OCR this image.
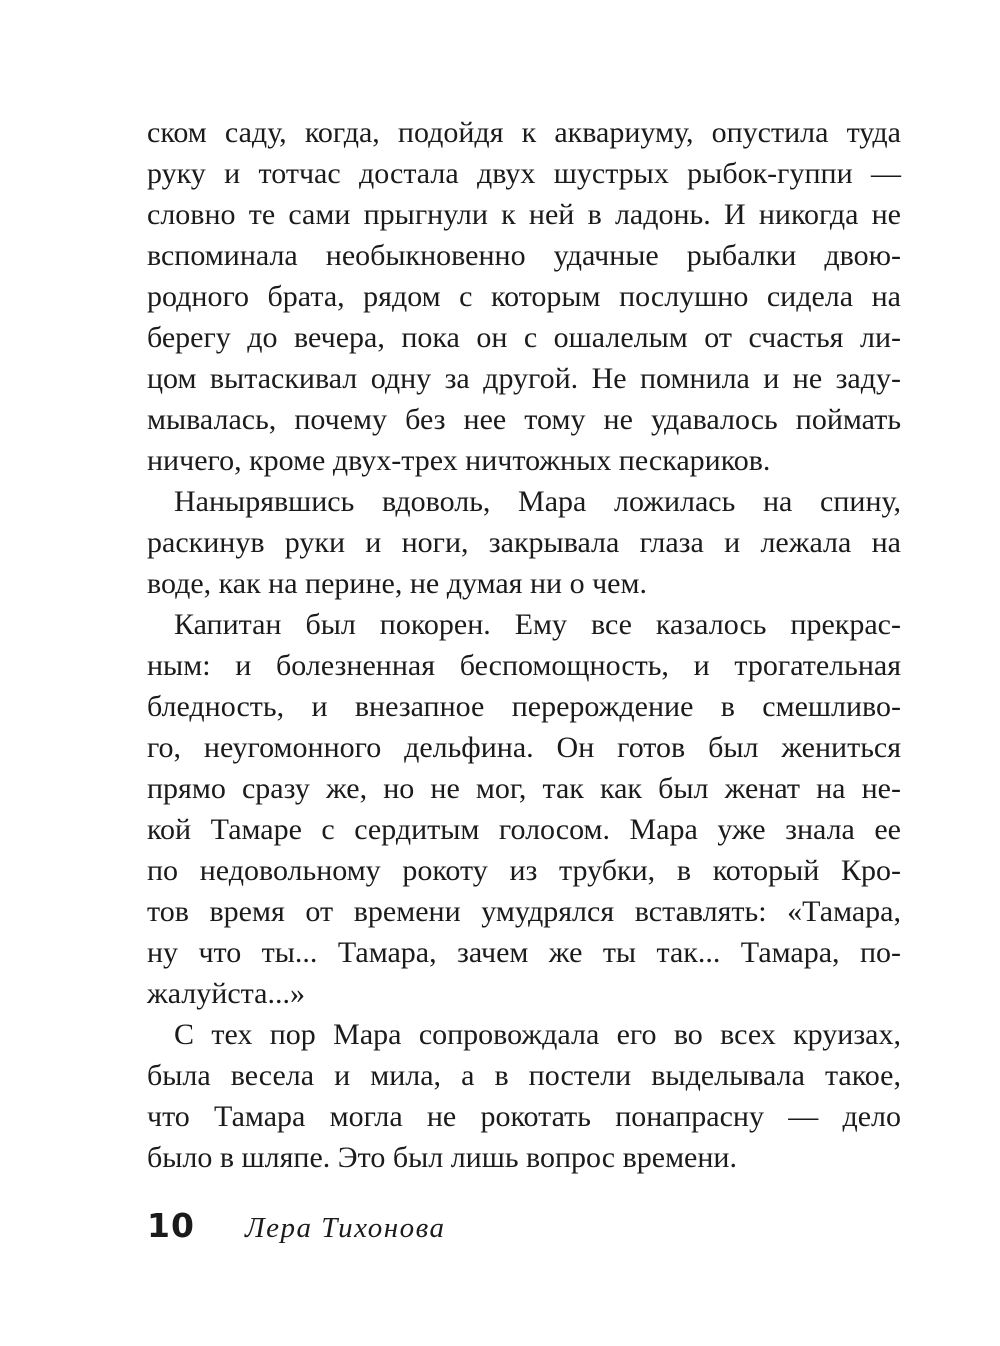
ском саду, когда, подойдя к аквариуму, опустила туда
руку и тотчас достала двух шустрых рыбок-гуппи —
словно те сами прыгнули к ней в ладонь. И никогда не
вспоминала необыкновенно удачные рыбалки двою-
родного брата, рядом с которым послушно сидела на
берегу до вечера, пока он с ошалелым от счастья ли-
цом вытаскивал одну за другой. Не помнила и не заду-
мывалась, почему без нее тому не удавалось поймать
ничего, кроме двух-трех ничтожных пескариков.
Нанырявшись вдоволь, Мара ложилась на спину,
раскинув руки и ноги, закрывала глаза и лежала на
воде, как на перине, не думая ни о чем.
Капитан был покорен. Ему все казалось прекрас-
ным: и болезненная беспомощность, и трогательная
бледность, и внезапное перерождение в смешливо-
го, неугомонного дельфина. Он готов был жениться
прямо сразу же, но не мог, так как был женат на не-
кой Тамаре с сердитым голосом. Мара уже знала ее
по недовольному рокоту из трубки, в который Кро-
тов время от времени умудрялся вставлять: «Тамара,
ну что ты... Тамара, зачем же ты так... Тамара, по-
жалуйста...»
С тех пор Мара сопровождала его во всех круизах,
была весела и мила, а в постели выделывала такое,
что Тамара могла не рокотать понапрасну — дело
было в шляпе. Это был лишь вопрос времени.
10 Лера Тихонова
